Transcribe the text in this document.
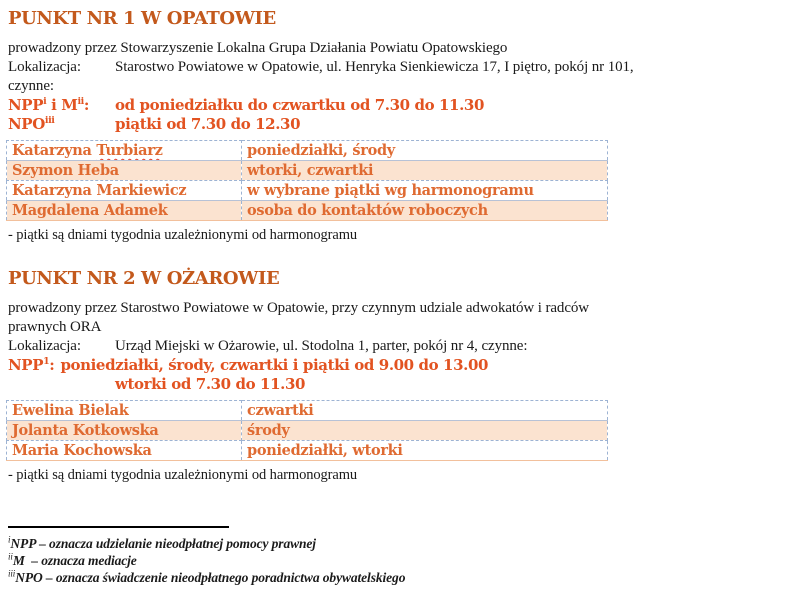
PUNKT NR 1 W OPATOWIE

prowadzony przez Stowarzyszenie Lokalna Grupa Działania Powiatu Opatowskiego

Lokalizacja: Starostwo Powiatowe w Opatowie, ul. Henryka Sienkiewicza 17, I piętro, pokój nr 101,

czynne:

NPP$^i$ i $M^{ii}$: od poniedziałku do czwartku od 7.30 do 11.30

NPO$^{iii}$	piątki od 7.30 do 12.30

Katarzyna Turbiarz	poniedziałki, środy
Szymon Heba	wtorki, czwartki
Katarzyna Markiewicz	w wybrane piątki wg harmonogramu
Magdalena Adamek	osoba do kontaktów roboczych

- piątki są dniami tygodnia uzależnionymi od harmonogramu

PUNKT NR 2 W OŻAROWIE

prowadzony przez Starostwo Powiatowe w Opatowie, przy czynnym udziale adwokatów i radców

prawnych ORA

Lokalizacja: Urząd Miejski w Ożarowie, ul. Stodolna 1, parter, pokój nr 4, czynne:

NPP$^1$: poniedziałki, środy, czwartki i piątki od 9.00 do 13.00

wtorki od 7.30 do 11.30

Ewelina Bielak	czwartki
Jolanta Kotkowska	środy
Maria Kochowska	poniedziałki, wtorki

- piątki są dniami tygodnia uzależnionymi od harmonogramu

$^i$NPP – oznacza udzielanie nieodpłatnej pomocy prawnej

$^{ii}$M  – oznacza mediacje

$^{iii}$NPO – oznacza świadczenie nieodpłatnego poradnictwa obywatelskiego
